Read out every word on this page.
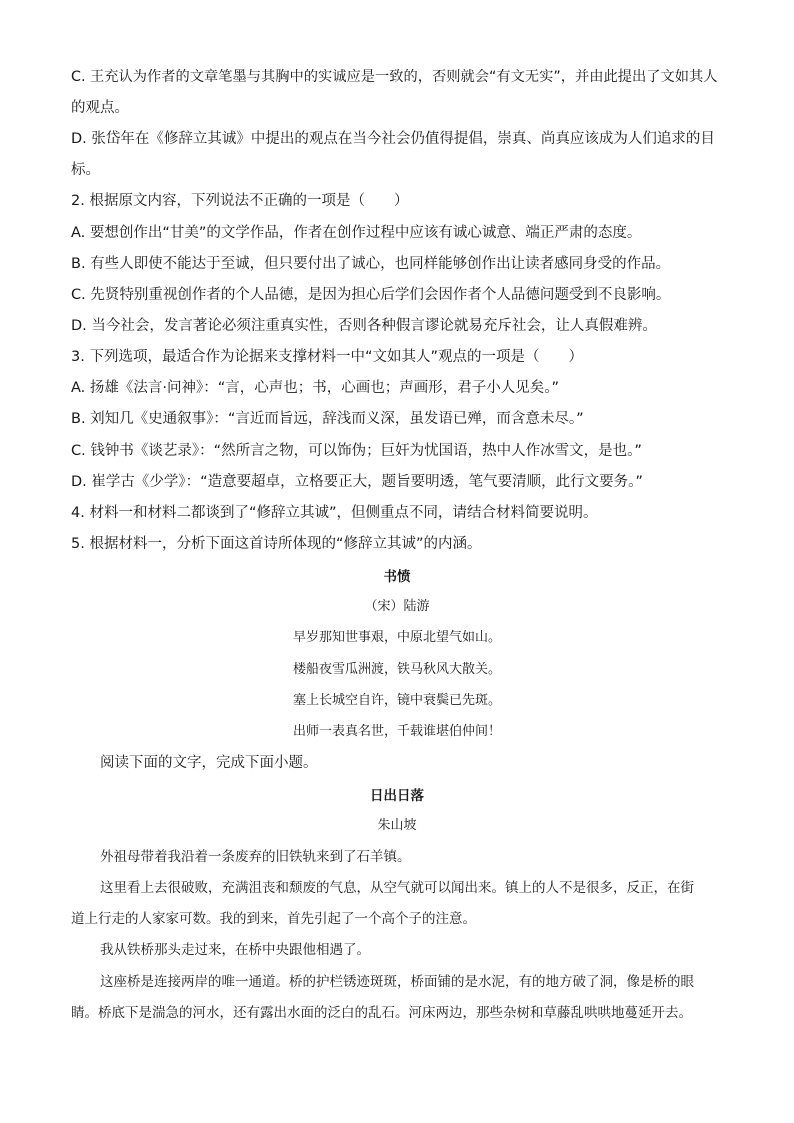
C. 王充认为作者的文章笔墨与其胸中的实诚应是一致的，否则就会“有文无实”，并由此提出了文如其人
的观点。
D. 张岱年在《修辞立其诚》中提出的观点在当今社会仍值得提倡，崇真、尚真应该成为人们追求的目
标。
2. 根据原文内容，下列说法不正确的一项是（　　）
A. 要想创作出“甘美”的文学作品，作者在创作过程中应该有诚心诚意、端正严肃的态度。
B. 有些人即使不能达于至诚，但只要付出了诚心，也同样能够创作出让读者感同身受的作品。
C. 先贤特别重视创作者的个人品德，是因为担心后学们会因作者个人品德问题受到不良影响。
D. 当今社会，发言著论必须注重真实性，否则各种假言谬论就易充斥社会，让人真假难辨。
3. 下列选项，最适合作为论据来支撑材料一中“文如其人”观点的一项是（　　）
A. 扬雄《法言·问神》：“言，心声也；书，心画也；声画形，君子小人见矣。”
B. 刘知几《史通叙事》：“言近而旨远，辞浅而义深，虽发语已殚，而含意未尽。”
C. 钱钟书《谈艺录》：“然所言之物，可以饰伪；巨奸为忧国语，热中人作冰雪文，是也。”
D. 崔学古《少学》：“造意要超卓，立格要正大，题旨要明透，笔气要清顺，此行文要务。”
4. 材料一和材料二都谈到了“修辞立其诚”，但侧重点不同，请结合材料简要说明。
5. 根据材料一，分析下面这首诗所体现的“修辞立其诚”的内涵。
书愤
（宋）陆游
早岁那知世事艰，中原北望气如山。
楼船夜雪瓜洲渡，铁马秋风大散关。
塞上长城空自许，镜中衰鬓已先斑。
出师一表真名世，千载谁堪伯仲间！
阅读下面的文字，完成下面小题。
日出日落
朱山坡
外祖母带着我沿着一条废弃的旧铁轨来到了石羊镇。
这里看上去很破败，充满沮丧和颓废的气息，从空气就可以闻出来。镇上的人不是很多，反正，在街
道上行走的人家家可数。我的到来，首先引起了一个高个子的注意。
我从铁桥那头走过来，在桥中央跟他相遇了。
这座桥是连接两岸的唯一通道。桥的护栏锈迹斑斑，桥面铺的是水泥，有的地方破了洞，像是桥的眼
睛。桥底下是湍急的河水，还有露出水面的泛白的乱石。河床两边，那些杂树和草藤乱哄哄地蔓延开去。
